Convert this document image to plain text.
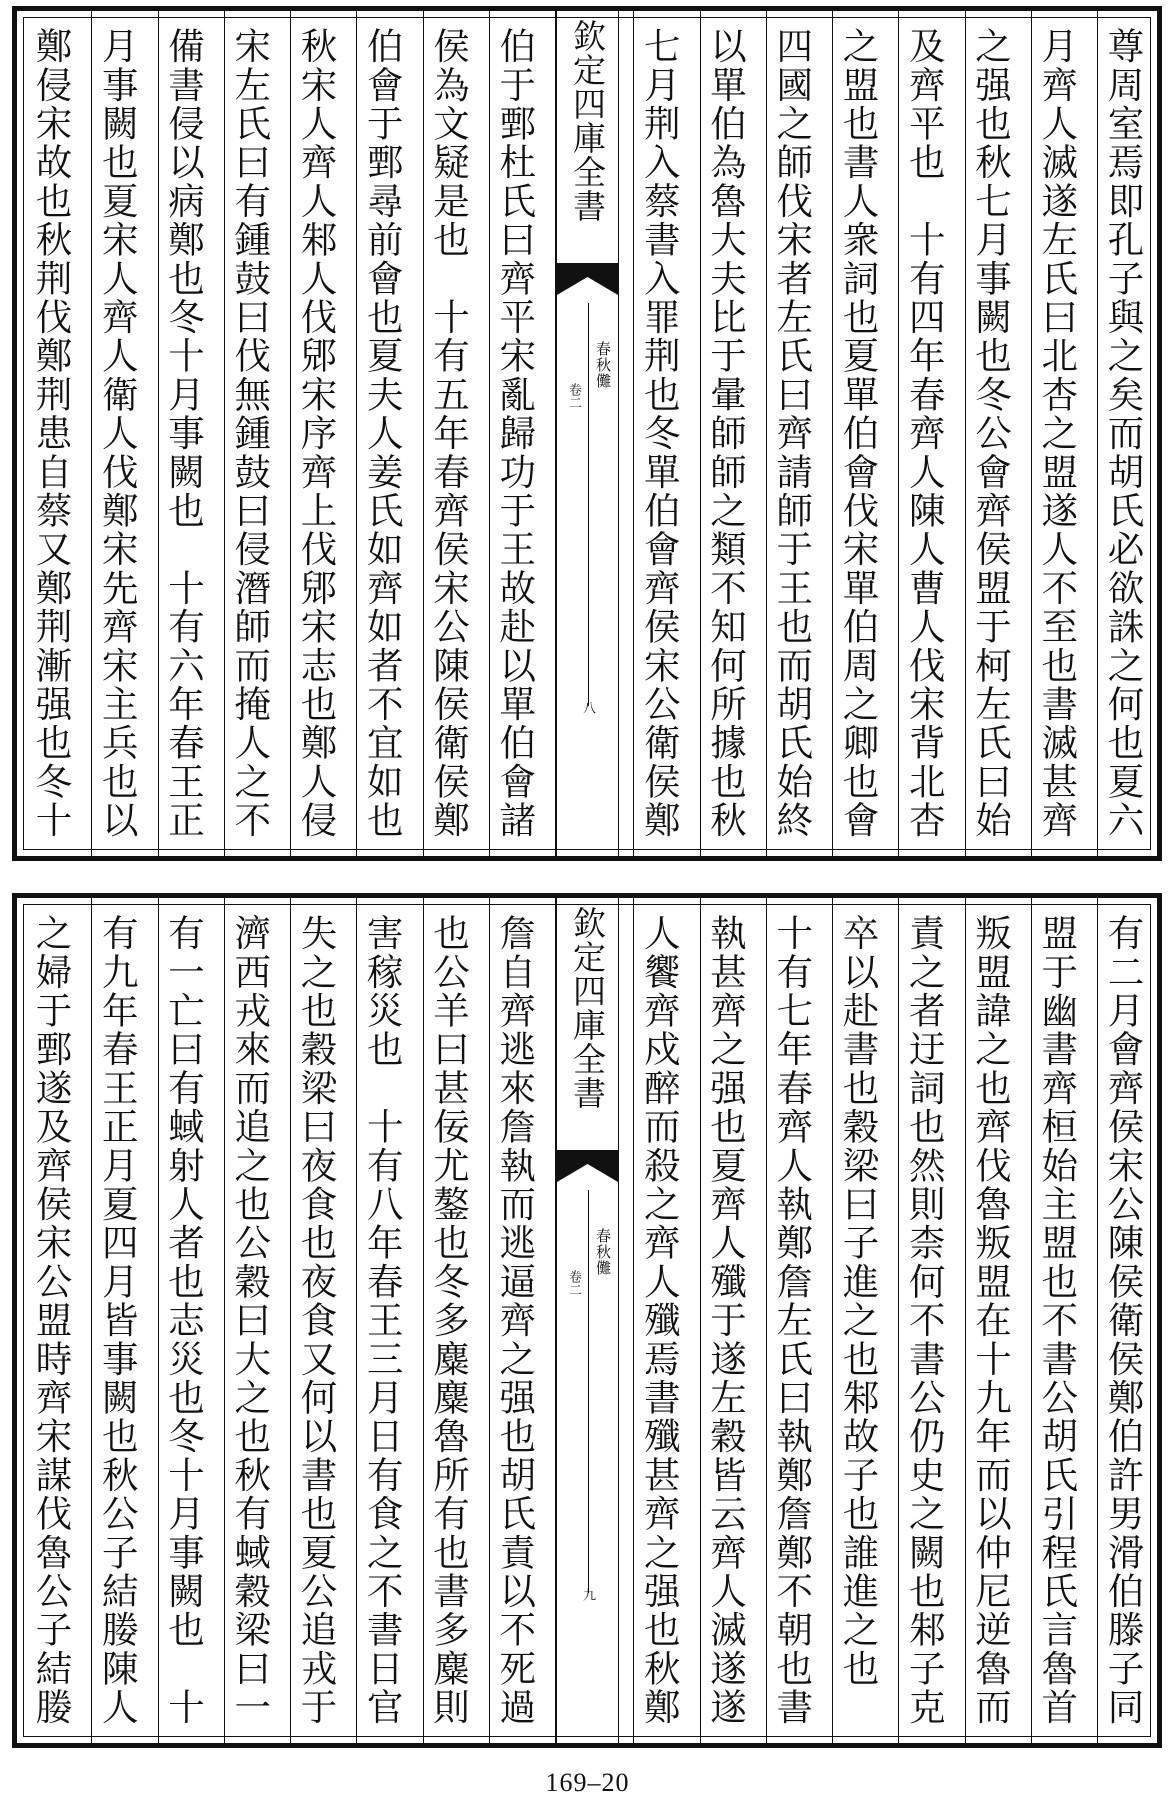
尊周室焉即孔子與之矣而胡氏必欲誅之何也夏六
月齊人滅遂左氏曰北杏之盟遂人不至也書滅甚齊
之强也秋七月事闕也冬公會齊侯盟于柯左氏曰始
及齊平也　十有四年春齊人陳人曹人伐宋背北杏
之盟也書人衆詞也夏單伯會伐宋單伯周之卿也會
四國之師伐宋者左氏曰齊請師于王也而胡氏始終
以單伯為魯大夫比于暈師師之類不知何所據也秋
七月荆入蔡書入罪荆也冬單伯會齊侯宋公衛侯鄭
欽定四庫全書
春秋儺
卷二
八
伯于鄄杜氏曰齊平宋亂歸功于王故赴以單伯會諸
侯為文疑是也　十有五年春齊侯宋公陳侯衛侯鄭
伯會于鄄尋前會也夏夫人姜氏如齊如者不宜如也
秋宋人齊人邾人伐郳宋序齊上伐郳宋志也鄭人侵
宋左氏曰有鍾鼓曰伐無鍾鼓曰侵潛師而掩人之不
備書侵以病鄭也冬十月事闕也　十有六年春王正
月事闕也夏宋人齊人衛人伐鄭宋先齊宋主兵也以
鄭侵宋故也秋荆伐鄭荆患自蔡又鄭荆漸强也冬十
有二月會齊侯宋公陳侯衛侯鄭伯許男滑伯滕子同
盟于幽書齊桓始主盟也不書公胡氏引程氏言魯首
叛盟諱之也齊伐魯叛盟在十九年而以仲尼逆魯而
責之者迂詞也然則柰何不書公仍史之闕也邾子克
卒以赴書也穀梁曰子進之也邾故子也誰進之也
十有七年春齊人執鄭詹左氏曰執鄭詹鄭不朝也書
執甚齊之强也夏齊人殲于遂左穀皆云齊人滅遂遂
人饗齊戍醉而殺之齊人殲焉書殲甚齊之强也秋鄭
欽定四庫全書
春秋儺
卷二
九
詹自齊逃來詹執而逃逼齊之强也胡氏責以不死過
也公羊曰甚佞尤鏊也冬多麋麋魯所有也書多麋則
害稼災也　十有八年春王三月日有食之不書日官
失之也穀梁曰夜食也夜食又何以書也夏公追戎于
濟西戎來而追之也公穀曰大之也秋有蜮穀梁曰一
有一亡曰有蜮射人者也志災也冬十月事闕也　十
有九年春王正月夏四月皆事闕也秋公子結媵陳人
之婦于鄄遂及齊侯宋公盟時齊宋謀伐魯公子結媵
169–20
